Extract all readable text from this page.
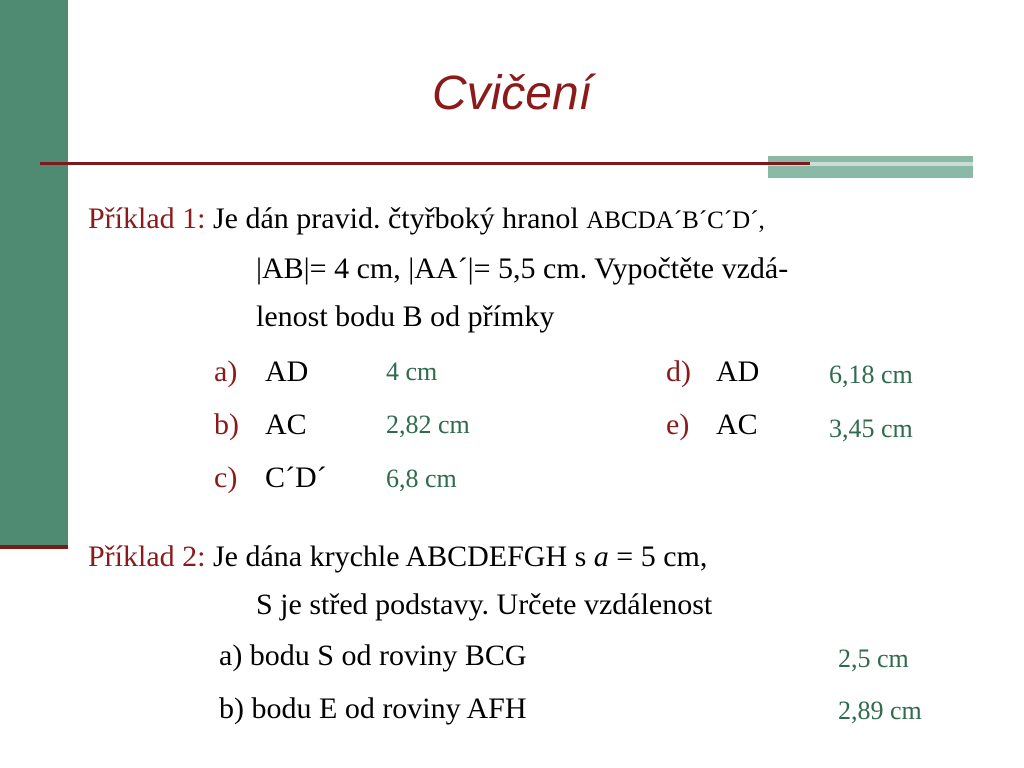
Cvičení
Příklad 1: Je dán pravid. čtyřboký hranol ABCDA´B´C´D´,
|AB|= 4 cm, |AA´|= 5,5 cm. Vypočtěte vzdá-
lenost bodu B od přímky
a) AD	4 cm
b) AC	2,82 cm
c) C´D´ 6,8 cm
d) AD	6,18 cm
e) AC	3,45 cm
Příklad 2: Je dána krychle ABCDEFGH s a = 5 cm,
S je střed podstavy. Určete vzdálenost
a) bodu S od roviny BCG	2,5 cm
b) bodu E od roviny AFH	2,89 cm
